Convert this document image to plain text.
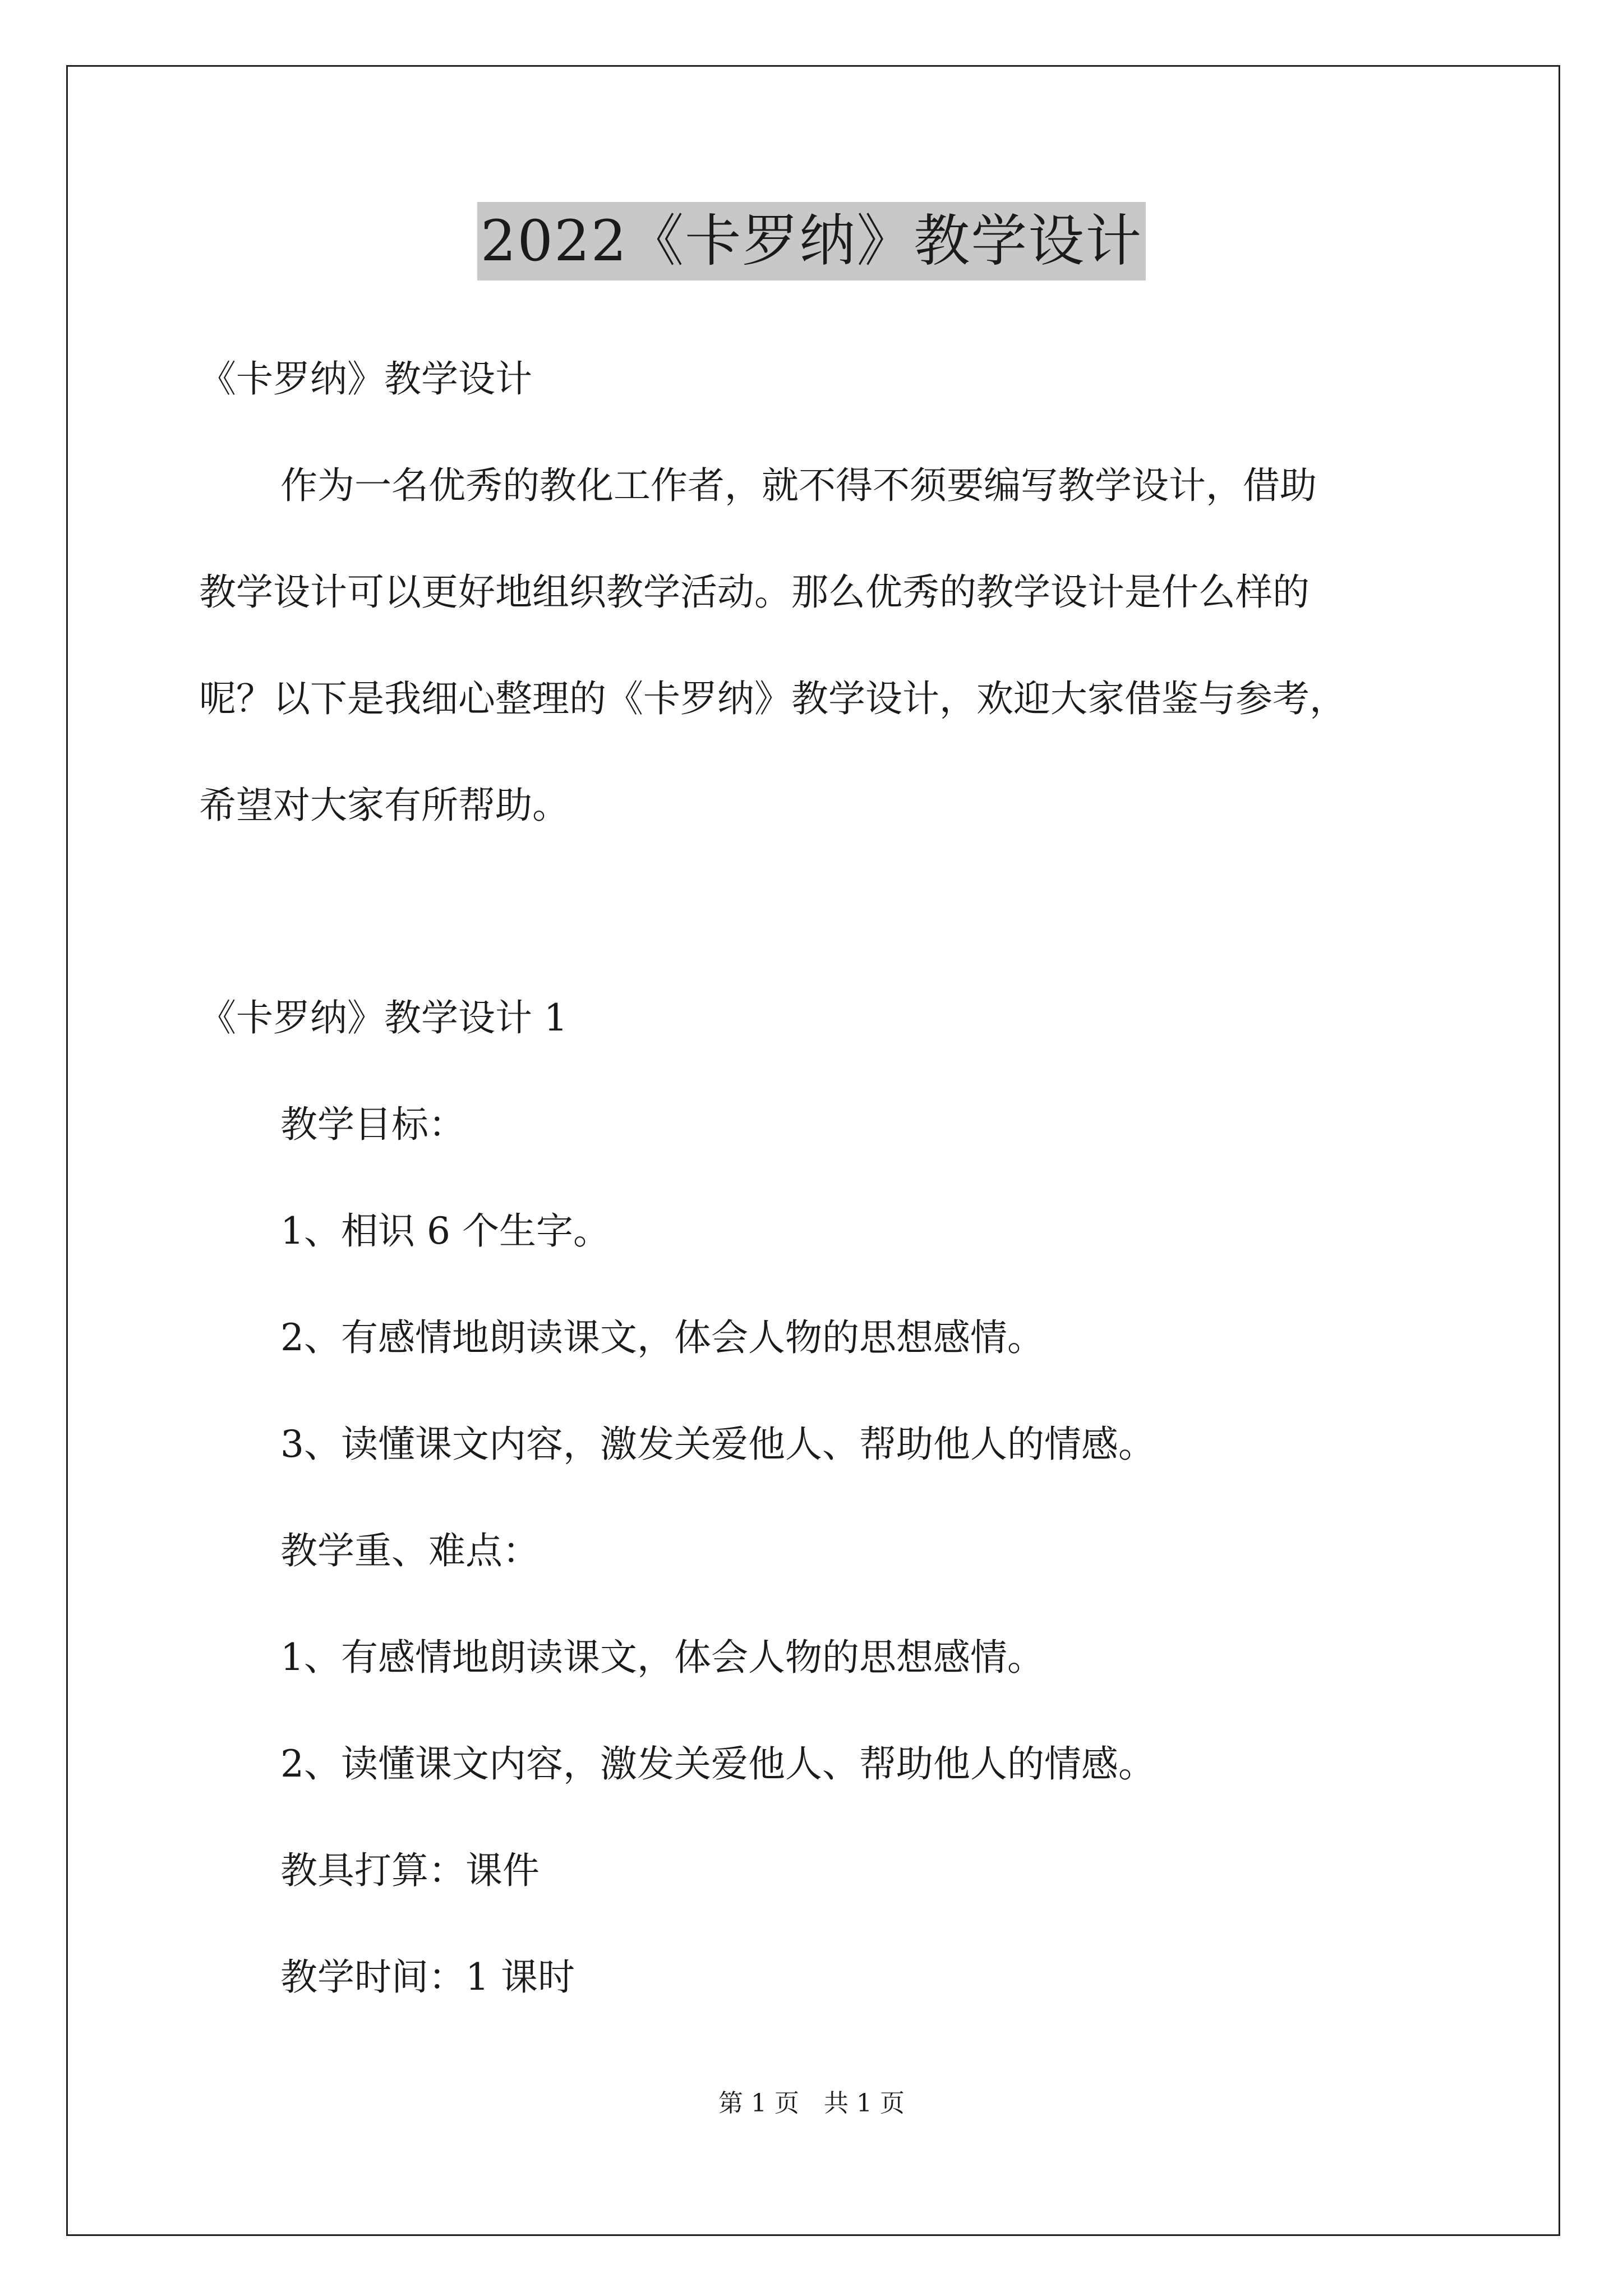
2022《卡罗纳》教学设计
《卡罗纳》教学设计
作为一名优秀的教化工作者，就不得不须要编写教学设计，借助
教学设计可以更好地组织教学活动。那么优秀的教学设计是什么样的
呢？以下是我细心整理的《卡罗纳》教学设计，欢迎大家借鉴与参考，
希望对大家有所帮助。
《卡罗纳》教学设计 1
教学目标：
1、相识 6 个生字。
2、有感情地朗读课文，体会人物的思想感情。
3、读懂课文内容，激发关爱他人、帮助他人的情感。
教学重、难点：
1、有感情地朗读课文，体会人物的思想感情。
2、读懂课文内容，激发关爱他人、帮助他人的情感。
教具打算：课件
教学时间：1 课时
第 1 页　共 1 页
